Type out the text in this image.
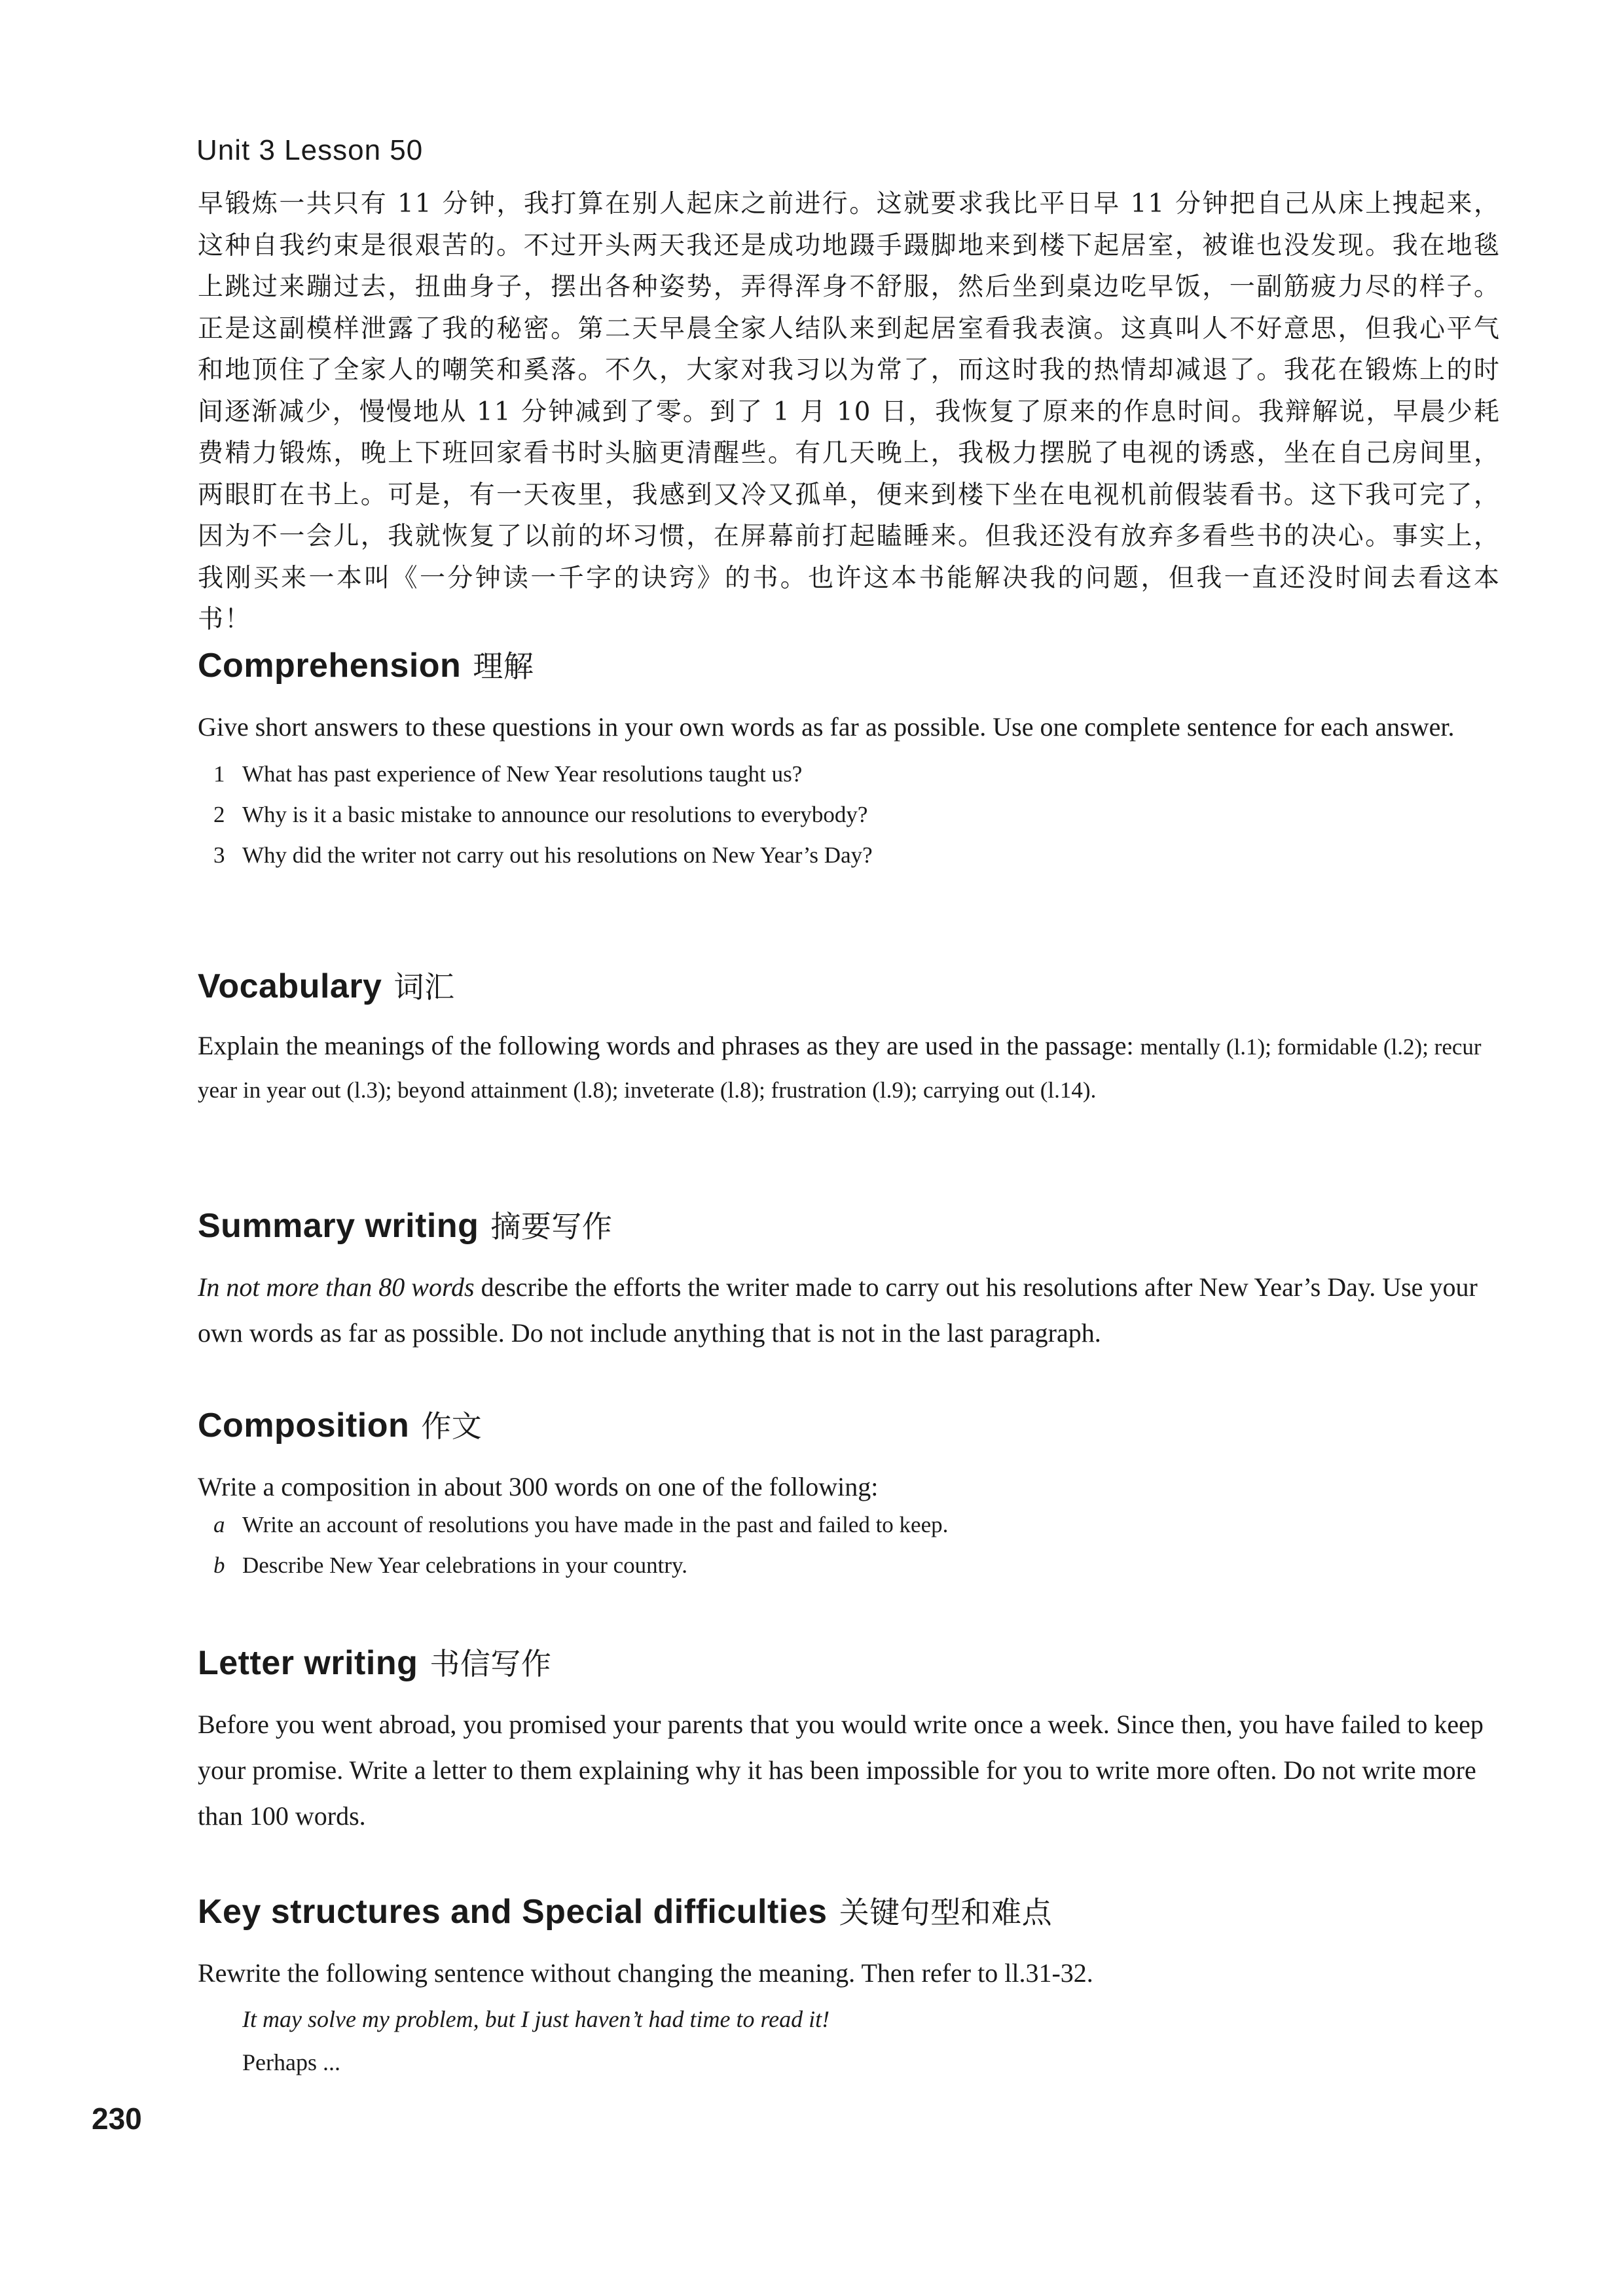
Unit 3 Lesson 50
早锻炼一共只有 11 分钟，我打算在别人起床之前进行。这就要求我比平日早 11 分钟把自己从床上拽起来，这种自我约束是很艰苦的。不过开头两天我还是成功地蹑手蹑脚地来到楼下起居室，被谁也没发现。我在地毯上跳过来蹦过去，扭曲身子，摆出各种姿势，弄得浑身不舒服，然后坐到桌边吃早饭，一副筋疲力尽的样子。正是这副模样泄露了我的秘密。第二天早晨全家人结队来到起居室看我表演。这真叫人不好意思，但我心平气和地顶住了全家人的嘲笑和奚落。不久，大家对我习以为常了，而这时我的热情却减退了。我花在锻炼上的时间逐渐减少，慢慢地从 11 分钟减到了零。到了 1 月 10 日，我恢复了原来的作息时间。我辩解说，早晨少耗费精力锻炼，晚上下班回家看书时头脑更清醒些。有几天晚上，我极力摆脱了电视的诱惑，坐在自己房间里，两眼盯在书上。可是，有一天夜里，我感到又冷又孤单，便来到楼下坐在电视机前假装看书。这下我可完了，因为不一会儿，我就恢复了以前的坏习惯，在屏幕前打起瞌睡来。但我还没有放弃多看些书的决心。事实上，我刚买来一本叫《一分钟读一千字的诀窍》的书。也许这本书能解决我的问题，但我一直还没时间去看这本书！
Comprehension 理解

Give short answers to these questions in your own words as far as possible. Use one complete sentence for each answer.

1 What has past experience of New Year resolutions taught us?
2 Why is it a basic mistake to announce our resolutions to everybody?
3 Why did the writer not carry out his resolutions on New Year’s Day?
Vocabulary 词汇

Explain the meanings of the following words and phrases as they are used in the passage: mentally (l.1); formidable (l.2); recur year in year out (l.3); beyond attainment (l.8); inveterate (l.8); frustration (l.9); carrying out (l.14).

Summary writing 摘要写作

In not more than 80 words describe the efforts the writer made to carry out his resolutions after New Year’s Day. Use your own words as far as possible. Do not include anything that is not in the last paragraph.

Composition 作文

Write a composition in about 300 words on one of the following:

a Write an account of resolutions you have made in the past and failed to keep.
b Describe New Year celebrations in your country.
Letter writing 书信写作

Before you went abroad, you promised your parents that you would write once a week. Since then, you have failed to keep your promise. Write a letter to them explaining why it has been impossible for you to write more often. Do not write more than 100 words.

Key structures and Special difficulties 关键句型和难点

Rewrite the following sentence without changing the meaning. Then refer to ll.31-32.

It may solve my problem, but I just haven’t had time to read it!
Perhaps ...
230
